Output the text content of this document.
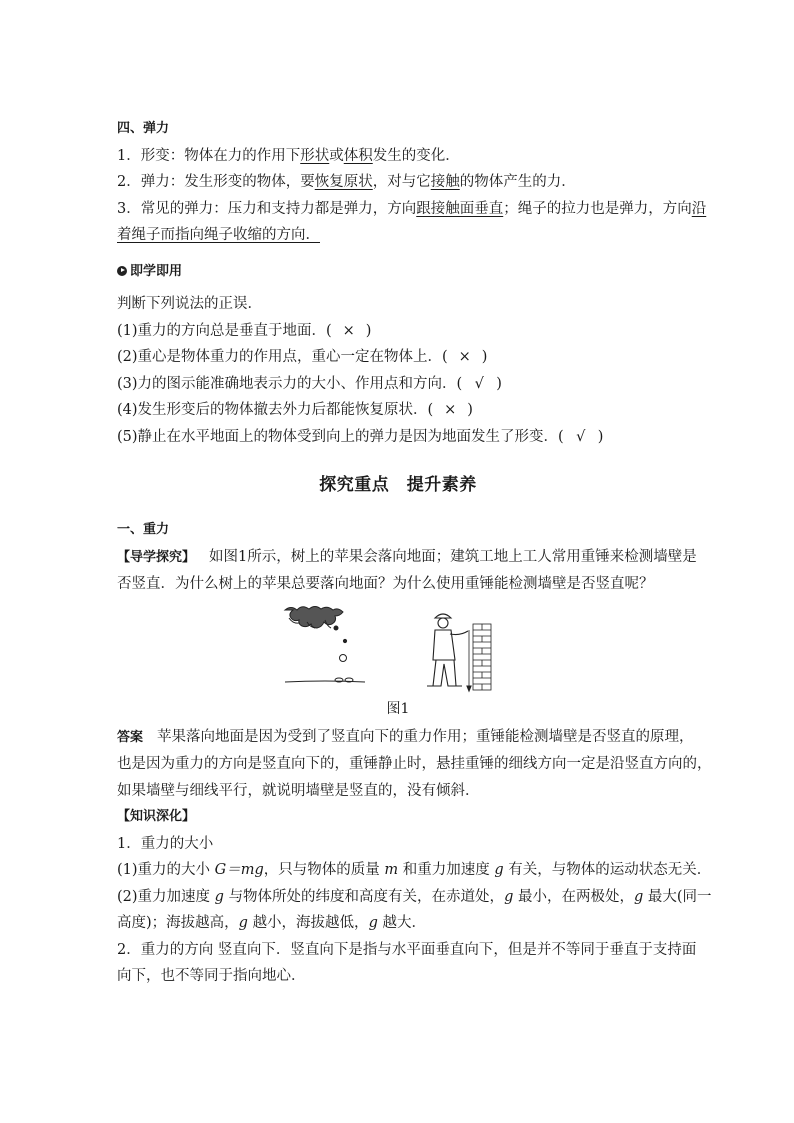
四、弹力

1．形变：物体在力的作用下形状或体积发生的变化．

2．弹力：发生形变的物体，要恢复原状，对与它接触的物体产生的力．

3．常见的弹力：压力和支持力都是弹力，方向跟接触面垂直；绳子的拉力也是弹力，方向沿

着绳子而指向绳子收缩的方向．

即学即用

判断下列说法的正误．

(1)重力的方向总是垂直于地面．( × )

(2)重心是物体重力的作用点，重心一定在物体上．( × )

(3)力的图示能准确地表示力的大小、作用点和方向．( √ )

(4)发生形变后的物体撤去外力后都能恢复原状．( × )

(5)静止在水平地面上的物体受到向上的弹力是因为地面发生了形变．( √ )

探究重点　提升素养

一、重力

【导学探究】 如图1所示，树上的苹果会落向地面；建筑工地上工人常用重锤来检测墙壁是

否竖直．为什么树上的苹果总要落向地面？为什么使用重锤能检测墙壁是否竖直呢？

图1

答案 苹果落向地面是因为受到了竖直向下的重力作用；重锤能检测墙壁是否竖直的原理，

也是因为重力的方向是竖直向下的，重锤静止时，悬挂重锤的细线方向一定是沿竖直方向的，

如果墙壁与细线平行，就说明墙壁是竖直的，没有倾斜．

【知识深化】

1．重力的大小

(1)重力的大小 G＝mg，只与物体的质量 m 和重力加速度 g 有关，与物体的运动状态无关．

(2)重力加速度 g 与物体所处的纬度和高度有关，在赤道处，g 最小，在两极处，g 最大(同一

高度)；海拔越高，g 越小，海拔越低，g 越大．

2．重力的方向 竖直向下．竖直向下是指与水平面垂直向下，但是并不等同于垂直于支持面

向下，也不等同于指向地心．
